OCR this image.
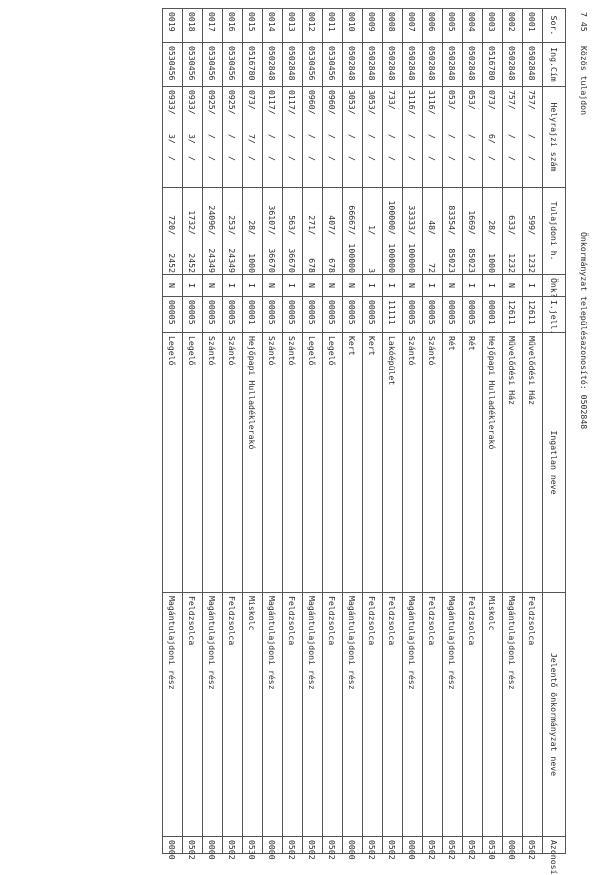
7 45
Közös tulajdon
Önkormányzat településazonosító: 0502848
Sor.	Ing.Cím	Helyrajzi szám	Tulajdoni h.	Önk?	I.jell.	Ingatlan neve	Jelentő önkormányzat neve	Azonosí
0001	0502848	757///	599/1232	I	12611	Művelődési Ház	Feldzsolca	0502
0002	0502848	757///	633/1232	N	12611	Művelődési Ház	Magántulajdoni rész	0000
0003	0516780	073/6//	28/1000	I	00001	Hejőpapi Hulladéklerakó	Miskolc	0530
0004	0502848	053///	1669/85023	I	00005	Rét	Feldzsolca	0502
0005	0502848	053///	83354/85023	N	00005	Rét	Magántulajdoni rész	0502
0006	0502848	3116///	48/72	I	00005	Szántó	Feldzsolca	0502
0007	0502848	3116///	33333/100000	N	00005	Szántó	Magántulajdoni rész	0000
0008	0502848	733///	100000/100000	I	11111	Lakóépület	Feldzsolca	0502
0009	0502848	3053///	1/3	I	00005	Kert	Feldzsolca	0502
0010	0502848	3053///	66667/100000	N	00005	Kert	Magántulajdoni rész	0000
0011	0530456	0960///	407/678	N	00005	Legelő	Feldzsolca	0502
0012	0530456	0960///	271/678	N	00005	Legelő	Magántulajdoni rész	0502
0013	0502848	0117///	563/36670	I	00005	Szántó	Feldzsolca	0502
0014	0502848	0117///	36107/36670	N	00005	Szántó	Magántulajdoni rész	0000
0015	0516780	073/7//	28/1000	I	00001	Hejőpapi Hulladéklerakó	Miskolc	0530
0016	0530456	0925///	253/24349	I	00005	Szántó	Feldzsolca	0502
0017	0530456	0925///	24096/24349	N	00005	Szántó	Magántulajdoni rész	0000
0018	0530456	0933/3//	1732/2452	I	00005	Legelő	Feldzsolca	0502
0019	0530456	0933/3//	720/2452	N	00005	Legelő	Magántulajdoni rész	0000
